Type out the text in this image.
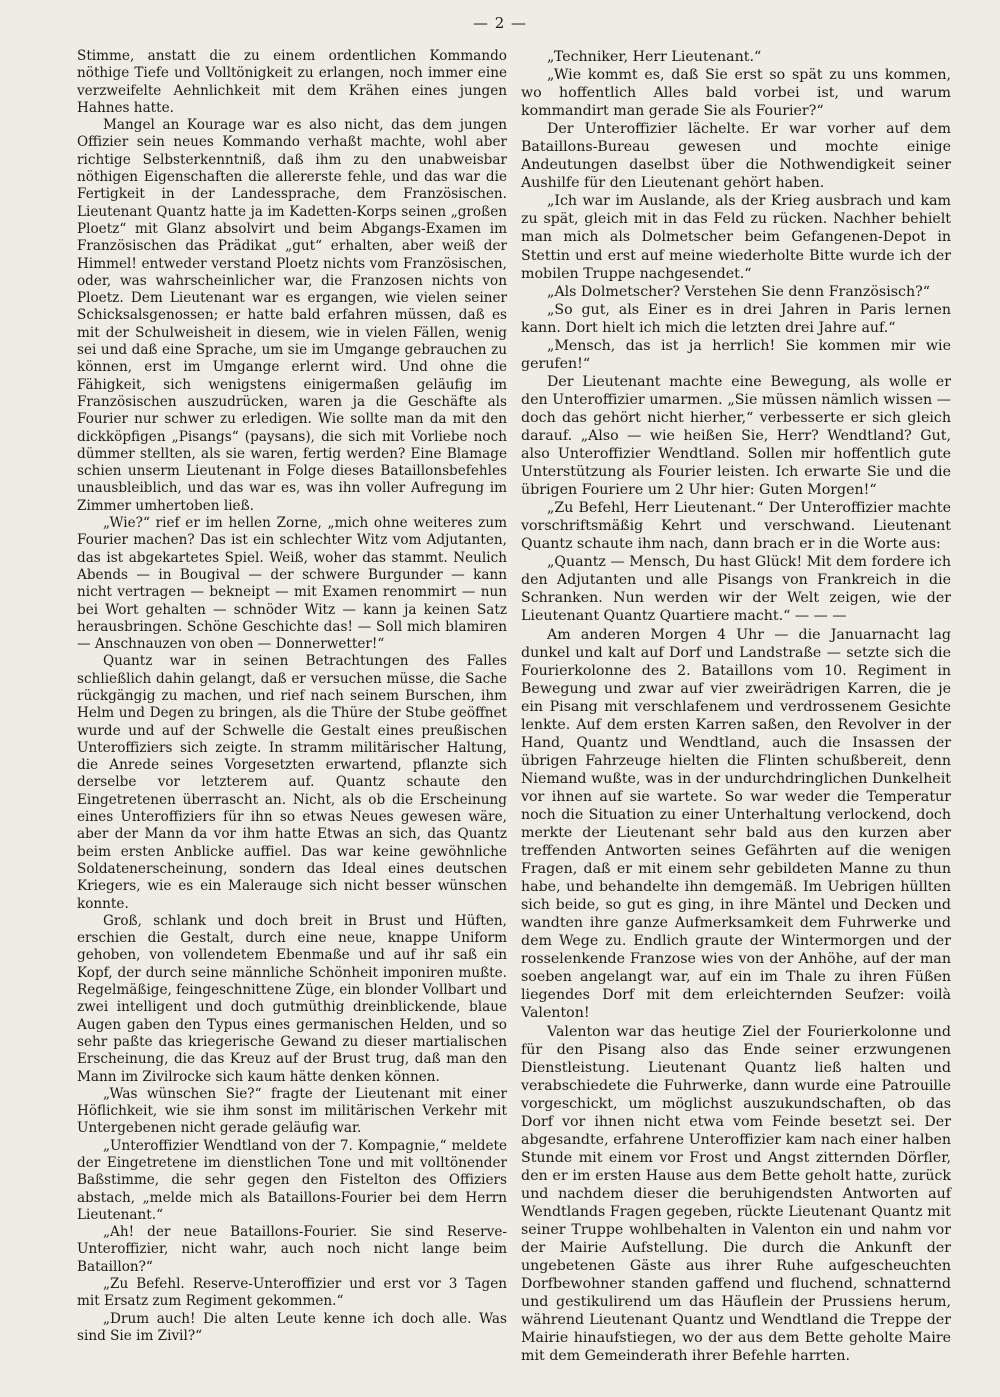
— 2 —

Stimme, anstatt die zu einem ordentlichen Kommando nöthige Tiefe und Volltönigkeit zu erlangen, noch immer eine verzweifelte Aehnlichkeit mit dem Krähen eines jungen Hahnes hatte.

Mangel an Kourage war es also nicht, das dem jungen Offizier sein neues Kommando verhaßt machte, wohl aber richtige Selbsterkenntniß, daß ihm zu den unabweisbar nöthigen Eigenschaften die allererste fehle, und das war die Fertigkeit in der Landessprache, dem Französischen. Lieutenant Quantz hatte ja im Kadetten-Korps seinen „großen Ploetz“ mit Glanz absolvirt und beim Abgangs-Examen im Französischen das Prädikat „gut“ erhalten, aber weiß der Himmel! entweder verstand Ploetz nichts vom Französischen, oder, was wahrscheinlicher war, die Franzosen nichts von Ploetz. Dem Lieutenant war es ergangen, wie vielen seiner Schicksalsgenossen; er hatte bald erfahren müssen, daß es mit der Schulweisheit in diesem, wie in vielen Fällen, wenig sei und daß eine Sprache, um sie im Umgange gebrauchen zu können, erst im Umgange erlernt wird. Und ohne die Fähigkeit, sich wenigstens einigermaßen geläufig im Französischen auszudrücken, waren ja die Geschäfte als Fourier nur schwer zu erledigen. Wie sollte man da mit den dickköpfigen „Pisangs“ (paysans), die sich mit Vorliebe noch dümmer stellten, als sie waren, fertig werden? Eine Blamage schien unserm Lieutenant in Folge dieses Bataillonsbefehles unausbleiblich, und das war es, was ihn voller Aufregung im Zimmer umhertoben ließ.

„Wie?“ rief er im hellen Zorne, „mich ohne weiteres zum Fourier machen? Das ist ein schlechter Witz vom Adjutanten, das ist abgekartetes Spiel. Weiß, woher das stammt. Neulich Abends — in Bougival — der schwere Burgunder — kann nicht vertragen — bekneipt — mit Examen renommirt — nun bei Wort gehalten — schnöder Witz — kann ja keinen Satz herausbringen. Schöne Geschichte das! — Soll mich blamiren — Anschnauzen von oben — Donnerwetter!“

Quantz war in seinen Betrachtungen des Falles schließlich dahin gelangt, daß er versuchen müsse, die Sache rückgängig zu machen, und rief nach seinem Burschen, ihm Helm und Degen zu bringen, als die Thüre der Stube geöffnet wurde und auf der Schwelle die Gestalt eines preußischen Unteroffiziers sich zeigte. In stramm militärischer Haltung, die Anrede seines Vorgesetzten erwartend, pflanzte sich derselbe vor letzterem auf. Quantz schaute den Eingetretenen überrascht an. Nicht, als ob die Erscheinung eines Unteroffiziers für ihn so etwas Neues gewesen wäre, aber der Mann da vor ihm hatte Etwas an sich, das Quantz beim ersten Anblicke auffiel. Das war keine gewöhnliche Soldatenerscheinung, sondern das Ideal eines deutschen Kriegers, wie es ein Malerauge sich nicht besser wünschen konnte.

Groß, schlank und doch breit in Brust und Hüften, erschien die Gestalt, durch eine neue, knappe Uniform gehoben, von vollendetem Ebenmaße und auf ihr saß ein Kopf, der durch seine männliche Schönheit imponiren mußte. Regelmäßige, feingeschnittene Züge, ein blonder Vollbart und zwei intelligent und doch gutmüthig dreinblickende, blaue Augen gaben den Typus eines germanischen Helden, und so sehr paßte das kriegerische Gewand zu dieser martialischen Erscheinung, die das Kreuz auf der Brust trug, daß man den Mann im Zivilrocke sich kaum hätte denken können.

„Was wünschen Sie?“ fragte der Lieutenant mit einer Höflichkeit, wie sie ihm sonst im militärischen Verkehr mit Untergebenen nicht gerade geläufig war.

„Unteroffizier Wendtland von der 7. Kompagnie,“ meldete der Eingetretene im dienstlichen Tone und mit volltönender Baßstimme, die sehr gegen den Fistelton des Offiziers abstach, „melde mich als Bataillons-Fourier bei dem Herrn Lieutenant.“

„Ah! der neue Bataillons-Fourier. Sie sind Reserve-Unteroffizier, nicht wahr, auch noch nicht lange beim Bataillon?“

„Zu Befehl. Reserve-Unteroffizier und erst vor 3 Tagen mit Ersatz zum Regiment gekommen.“

„Drum auch! Die alten Leute kenne ich doch alle. Was sind Sie im Zivil?“

„Techniker, Herr Lieutenant.“

„Wie kommt es, daß Sie erst so spät zu uns kommen, wo hoffentlich Alles bald vorbei ist, und warum kommandirt man gerade Sie als Fourier?“

Der Unteroffizier lächelte. Er war vorher auf dem Bataillons-Bureau gewesen und mochte einige Andeutungen daselbst über die Nothwendigkeit seiner Aushilfe für den Lieutenant gehört haben.

„Ich war im Auslande, als der Krieg ausbrach und kam zu spät, gleich mit in das Feld zu rücken. Nachher behielt man mich als Dolmetscher beim Gefangenen-Depot in Stettin und erst auf meine wiederholte Bitte wurde ich der mobilen Truppe nachgesendet.“

„Als Dolmetscher? Verstehen Sie denn Französisch?“

„So gut, als Einer es in drei Jahren in Paris lernen kann. Dort hielt ich mich die letzten drei Jahre auf.“

„Mensch, das ist ja herrlich! Sie kommen mir wie gerufen!“

Der Lieutenant machte eine Bewegung, als wolle er den Unteroffizier umarmen. „Sie müssen nämlich wissen — doch das gehört nicht hierher,“ verbesserte er sich gleich darauf. „Also — wie heißen Sie, Herr? Wendtland? Gut, also Unteroffizier Wendtland. Sollen mir hoffentlich gute Unterstützung als Fourier leisten. Ich erwarte Sie und die übrigen Fouriere um 2 Uhr hier: Guten Morgen!“

„Zu Befehl, Herr Lieutenant.“ Der Unteroffizier machte vorschriftsmäßig Kehrt und verschwand. Lieutenant Quantz schaute ihm nach, dann brach er in die Worte aus:

„Quantz — Mensch, Du hast Glück! Mit dem fordere ich den Adjutanten und alle Pisangs von Frankreich in die Schranken. Nun werden wir der Welt zeigen, wie der Lieutenant Quantz Quartiere macht.“ — — —

Am anderen Morgen 4 Uhr — die Januarnacht lag dunkel und kalt auf Dorf und Landstraße — setzte sich die Fourierkolonne des 2. Bataillons vom 10. Regiment in Bewegung und zwar auf vier zweirädrigen Karren, die je ein Pisang mit verschlafenem und verdrossenem Gesichte lenkte. Auf dem ersten Karren saßen, den Revolver in der Hand, Quantz und Wendtland, auch die Insassen der übrigen Fahrzeuge hielten die Flinten schußbereit, denn Niemand wußte, was in der undurchdringlichen Dunkelheit vor ihnen auf sie wartete. So war weder die Temperatur noch die Situation zu einer Unterhaltung verlockend, doch merkte der Lieutenant sehr bald aus den kurzen aber treffenden Antworten seines Gefährten auf die wenigen Fragen, daß er mit einem sehr gebildeten Manne zu thun habe, und behandelte ihn demgemäß. Im Uebrigen hüllten sich beide, so gut es ging, in ihre Mäntel und Decken und wandten ihre ganze Aufmerksamkeit dem Fuhrwerke und dem Wege zu. Endlich graute der Wintermorgen und der rosselenkende Franzose wies von der Anhöhe, auf der man soeben angelangt war, auf ein im Thale zu ihren Füßen liegendes Dorf mit dem erleichternden Seufzer: voilà Valenton!

Valenton war das heutige Ziel der Fourierkolonne und für den Pisang also das Ende seiner erzwungenen Dienstleistung. Lieutenant Quantz ließ halten und verabschiedete die Fuhrwerke, dann wurde eine Patrouille vorgeschickt, um möglichst auszukundschaften, ob das Dorf vor ihnen nicht etwa vom Feinde besetzt sei. Der abgesandte, erfahrene Unteroffizier kam nach einer halben Stunde mit einem vor Frost und Angst zitternden Dörfler, den er im ersten Hause aus dem Bette geholt hatte, zurück und nachdem dieser die beruhigendsten Antworten auf Wendtlands Fragen gegeben, rückte Lieutenant Quantz mit seiner Truppe wohlbehalten in Valenton ein und nahm vor der Mairie Aufstellung. Die durch die Ankunft der ungebetenen Gäste aus ihrer Ruhe aufgescheuchten Dorfbewohner standen gaffend und fluchend, schnatternd und gestikulirend um das Häuflein der Prussiens herum, während Lieutenant Quantz und Wendtland die Treppe der Mairie hinaufstiegen, wo der aus dem Bette geholte Maire mit dem Gemeinderath ihrer Befehle harrten.
